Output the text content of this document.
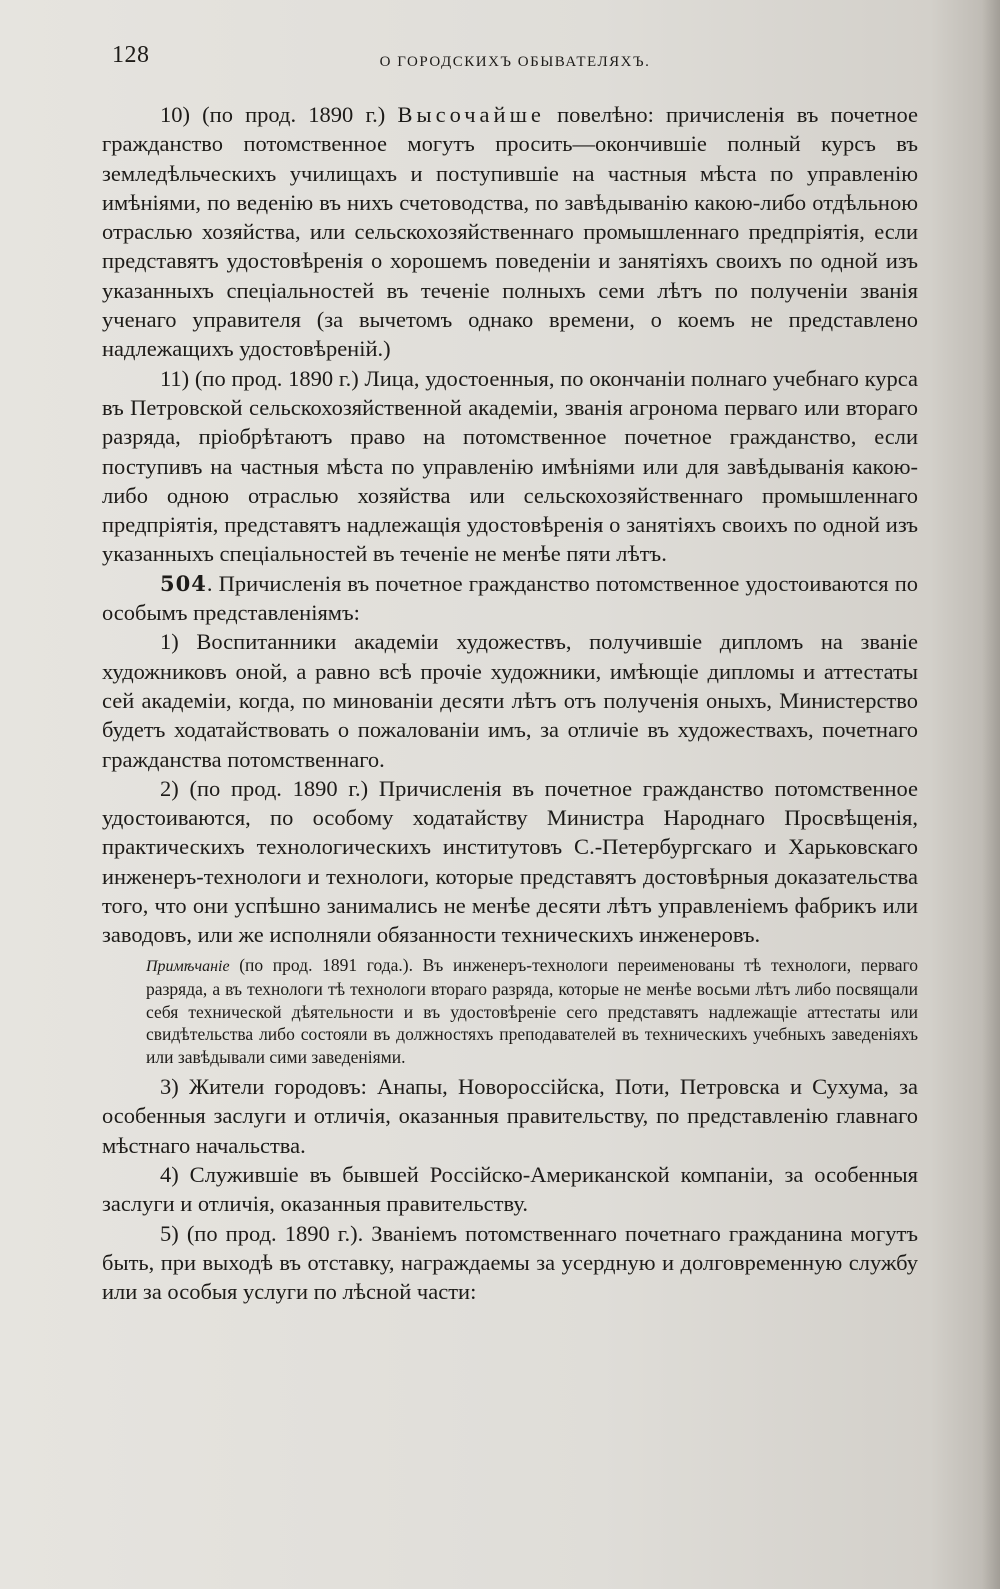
128	О ГОРОДСКИХЪ ОБЫВАТЕЛЯХЪ.

10) (по прод. 1890 г.) Высочайше повелѣно: причисленія въ почетное гражданство потомственное могутъ просить—окончившіе полный курсъ въ земледѣльческихъ училищахъ и поступившіе на частныя мѣста по управленію имѣніями, по веденію въ нихъ счетоводства, по завѣдыванію какою-либо отдѣльною отраслью хозяйства, или сельскохозяйственнаго промышленнаго предпріятія, если представятъ удостовѣренія о хорошемъ поведеніи и занятіяхъ своихъ по одной изъ указанныхъ спеціальностей въ теченіе полныхъ семи лѣтъ по полученіи званія ученаго управителя (за вычетомъ однако времени, о коемъ не представлено надлежащихъ удостовѣреній.)

11) (по прод. 1890 г.) Лица, удостоенныя, по окончаніи полнаго учебнаго курса въ Петровской сельскохозяйственной академіи, званія агронома перваго или втораго разряда, пріобрѣтаютъ право на потомственное почетное гражданство, если поступивъ на частныя мѣста по управленію имѣніями или для завѣдыванія какою-либо одною отраслью хозяйства или сельскохозяйственнаго промышленнаго предпріятія, представятъ надлежащія удостовѣренія о занятіяхъ своихъ по одной изъ указанныхъ спеціальностей въ теченіе не менѣе пяти лѣтъ.

504. Причисленія въ почетное гражданство потомственное удостоиваются по особымъ представленіямъ:

1) Воспитанники академіи художествъ, получившіе дипломъ на званіе художниковъ оной, а равно всѣ прочіе художники, имѣющіе дипломы и аттестаты сей академіи, когда, по минованіи десяти лѣтъ отъ полученія оныхъ, Министерство будетъ ходатайствовать о пожалованіи имъ, за отличіе въ художествахъ, почетнаго гражданства потомственнаго.

2) (по прод. 1890 г.) Причисленія въ почетное гражданство потомственное удостоиваются, по особому ходатайству Министра Народнаго Просвѣщенія, практическихъ технологическихъ институтовъ С.-Петербургскаго и Харьковскаго инженеръ-технологи и технологи, которые представятъ достовѣрныя доказательства того, что они успѣшно занимались не менѣе десяти лѣтъ управленіемъ фабрикъ или заводовъ, или же исполняли обязанности техническихъ инженеровъ.

Примѣчаніе (по прод. 1891 года.). Въ инженеръ-технологи переименованы тѣ технологи, перваго разряда, а въ технологи тѣ технологи втораго разряда, которые не менѣе восьми лѣтъ либо посвящали себя технической дѣятельности и въ удостовѣреніе сего представятъ надлежащіе аттестаты или свидѣтельства либо состояли въ должностяхъ преподавателей въ техническихъ учебныхъ заведеніяхъ или завѣдывали сими заведеніями.

3) Жители городовъ: Анапы, Новороссійска, Поти, Петровска и Сухума, за особенныя заслуги и отличія, оказанныя правительству, по представленію главнаго мѣстнаго начальства.

4) Служившіе въ бывшей Россійско-Американской компаніи, за особенныя заслуги и отличія, оказанныя правительству.

5) (по прод. 1890 г.). Званіемъ потомственнаго почетнаго гражданина могутъ быть, при выходѣ въ отставку, награждаемы за усердную и долговременную службу или за особыя услуги по лѣсной части:
